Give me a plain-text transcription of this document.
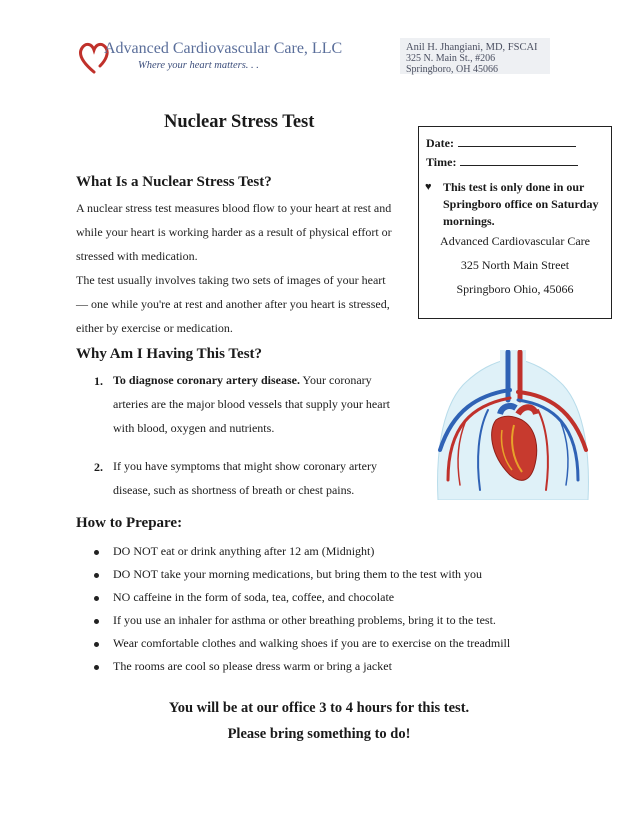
Advanced Cardiovascular Care, LLC
Where your heart matters. . .
Anil H. Jhangiani, MD, FSCAI
325 N. Main St., #206
Springboro, OH 45066
Nuclear Stress Test
Date:
Time:
♥ This test is only done in our Springboro office on Saturday mornings.
Advanced Cardiovascular Care
325 North Main Street
Springboro Ohio, 45066
What Is a Nuclear Stress Test?
A nuclear stress test measures blood flow to your heart at rest and
while your heart is working harder as a result of physical effort or
stressed with medication.
The test usually involves taking two sets of images of your heart
— one while you're at rest and another after you heart is stressed,
either by exercise or medication.
Why Am I Having This Test?
1. To diagnose coronary artery disease. Your coronary
arteries are the major blood vessels that supply your heart
with blood, oxygen and nutrients.
2. If you have symptoms that might show coronary artery
disease, such as shortness of breath or chest pains.
How to Prepare:
DO NOT eat or drink anything after 12 am (Midnight)
DO NOT take your morning medications, but bring them to the test with you
NO caffeine in the form of soda, tea, coffee, and chocolate
If you use an inhaler for asthma or other breathing problems, bring it to the test.
Wear comfortable clothes and walking shoes if you are to exercise on the treadmill
The rooms are cool so please dress warm or bring a jacket
You will be at our office 3 to 4 hours for this test.
Please bring something to do!
